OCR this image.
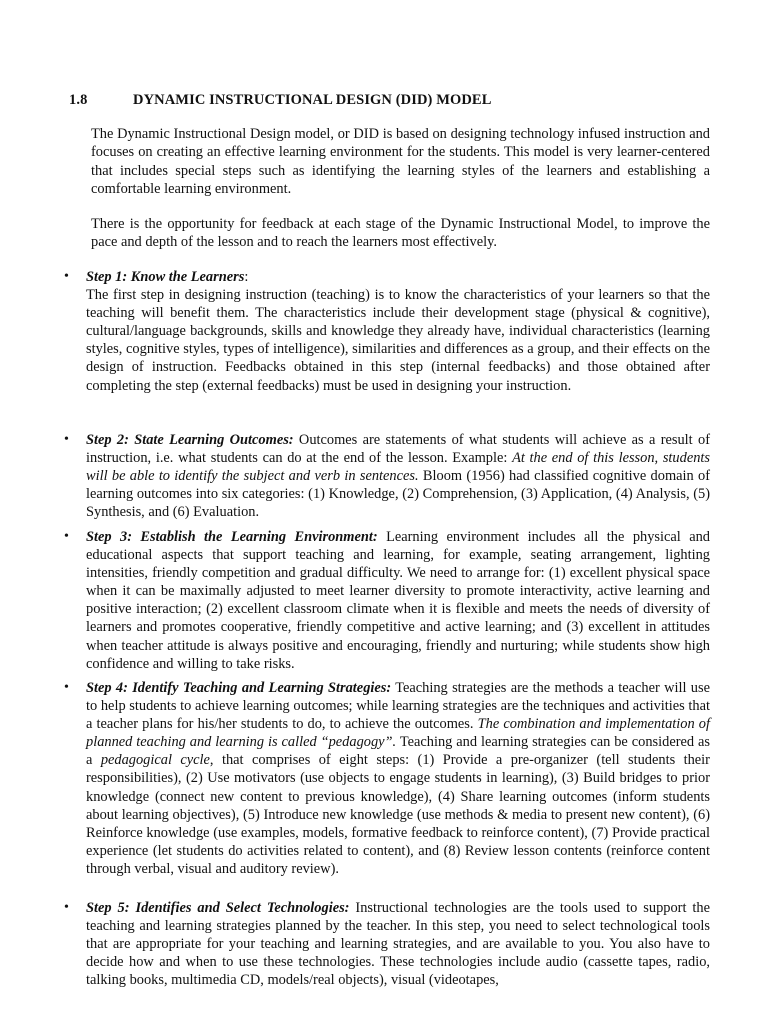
1.8	DYNAMIC INSTRUCTIONAL DESIGN (DID) MODEL

The Dynamic Instructional Design model, or DID is based on designing technology infused instruction and focuses on creating an effective learning environment for the students. This model is very learner-centered that includes special steps such as identifying the learning styles of the learners and establishing a comfortable learning environment.

There is the opportunity for feedback at each stage of the Dynamic Instructional Model, to improve the pace and depth of the lesson and to reach the learners most effectively.

• Step 1: Know the Learners:
The first step in designing instruction (teaching) is to know the characteristics of your learners so that the teaching will benefit them. The characteristics include their development stage (physical & cognitive), cultural/language backgrounds, skills and knowledge they already have, individual characteristics (learning styles, cognitive styles, types of intelligence), similarities and differences as a group, and their effects on the design of instruction. Feedbacks obtained in this step (internal feedbacks) and those obtained after completing the step (external feedbacks) must be used in designing your instruction.
• Step 2: State Learning Outcomes: Outcomes are statements of what students will achieve as a result of instruction, i.e. what students can do at the end of the lesson. Example: At the end of this lesson, students will be able to identify the subject and verb in sentences. Bloom (1956) had classified cognitive domain of learning outcomes into six categories: (1) Knowledge, (2) Comprehension, (3) Application, (4) Analysis, (5) Synthesis, and (6) Evaluation.
• Step 3: Establish the Learning Environment: Learning environment includes all the physical and educational aspects that support teaching and learning, for example, seating arrangement, lighting intensities, friendly competition and gradual difficulty. We need to arrange for: (1) excellent physical space when it can be maximally adjusted to meet learner diversity to promote interactivity, active learning and positive interaction; (2) excellent classroom climate when it is flexible and meets the needs of diversity of learners and promotes cooperative, friendly competitive and active learning; and (3) excellent in attitudes when teacher attitude is always positive and encouraging, friendly and nurturing; while students show high confidence and willing to take risks.
• Step 4: Identify Teaching and Learning Strategies: Teaching strategies are the methods a teacher will use to help students to achieve learning outcomes; while learning strategies are the techniques and activities that a teacher plans for his/her students to do, to achieve the outcomes. The combination and implementation of planned teaching and learning is called “pedagogy”. Teaching and learning strategies can be considered as a pedagogical cycle, that comprises of eight steps: (1) Provide a pre-organizer (tell students their responsibilities), (2) Use motivators (use objects to engage students in learning), (3) Build bridges to prior knowledge (connect new content to previous knowledge), (4) Share learning outcomes (inform students about learning objectives), (5) Introduce new knowledge (use methods & media to present new content), (6) Reinforce knowledge (use examples, models, formative feedback to reinforce content), (7) Provide practical experience (let students do activities related to content), and (8) Review lesson contents (reinforce content through verbal, visual and auditory review).
• Step 5: Identifies and Select Technologies: Instructional technologies are the tools used to support the teaching and learning strategies planned by the teacher. In this step, you need to select technological tools that are appropriate for your teaching and learning strategies, and are available to you. You also have to decide how and when to use these technologies. These technologies include audio (cassette tapes, radio, talking books, multimedia CD, models/real objects), visual (videotapes,
